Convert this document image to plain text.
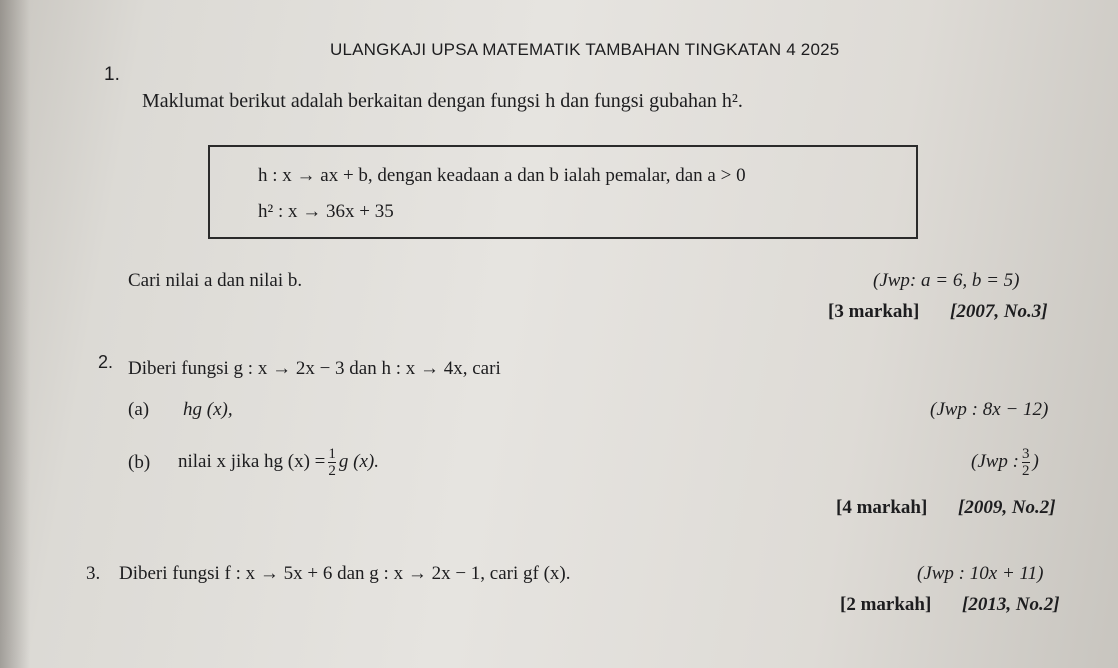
ULANGKAJI UPSA MATEMATIK TAMBAHAN TINGKATAN 4 2025
1.
Maklumat berikut adalah berkaitan dengan fungsi h dan fungsi gubahan h².
h : x → ax + b, dengan keadaan a dan b ialah pemalar, dan a > 0
h² : x → 36x + 35
Cari nilai a dan nilai b.	(Jwp: a = 6, b = 5)
[3 markah] [2007, No.3]
2. Diberi fungsi g : x → 2x − 3 dan h : x → 4x, cari
(a) hg (x),	(Jwp : 8x − 12)
(b) nilai x jika hg $(x) = \frac{1}{2}$ g (x).	(Jwp : $\frac{3}{2}$ )
[4 markah] [2009, No.2]
3. Diberi fungsi f : x → 5x + 6 dan g : x → 2x − 1, cari gf (x).	(Jwp : 10x + 11)
[2 markah] [2013, No.2]
